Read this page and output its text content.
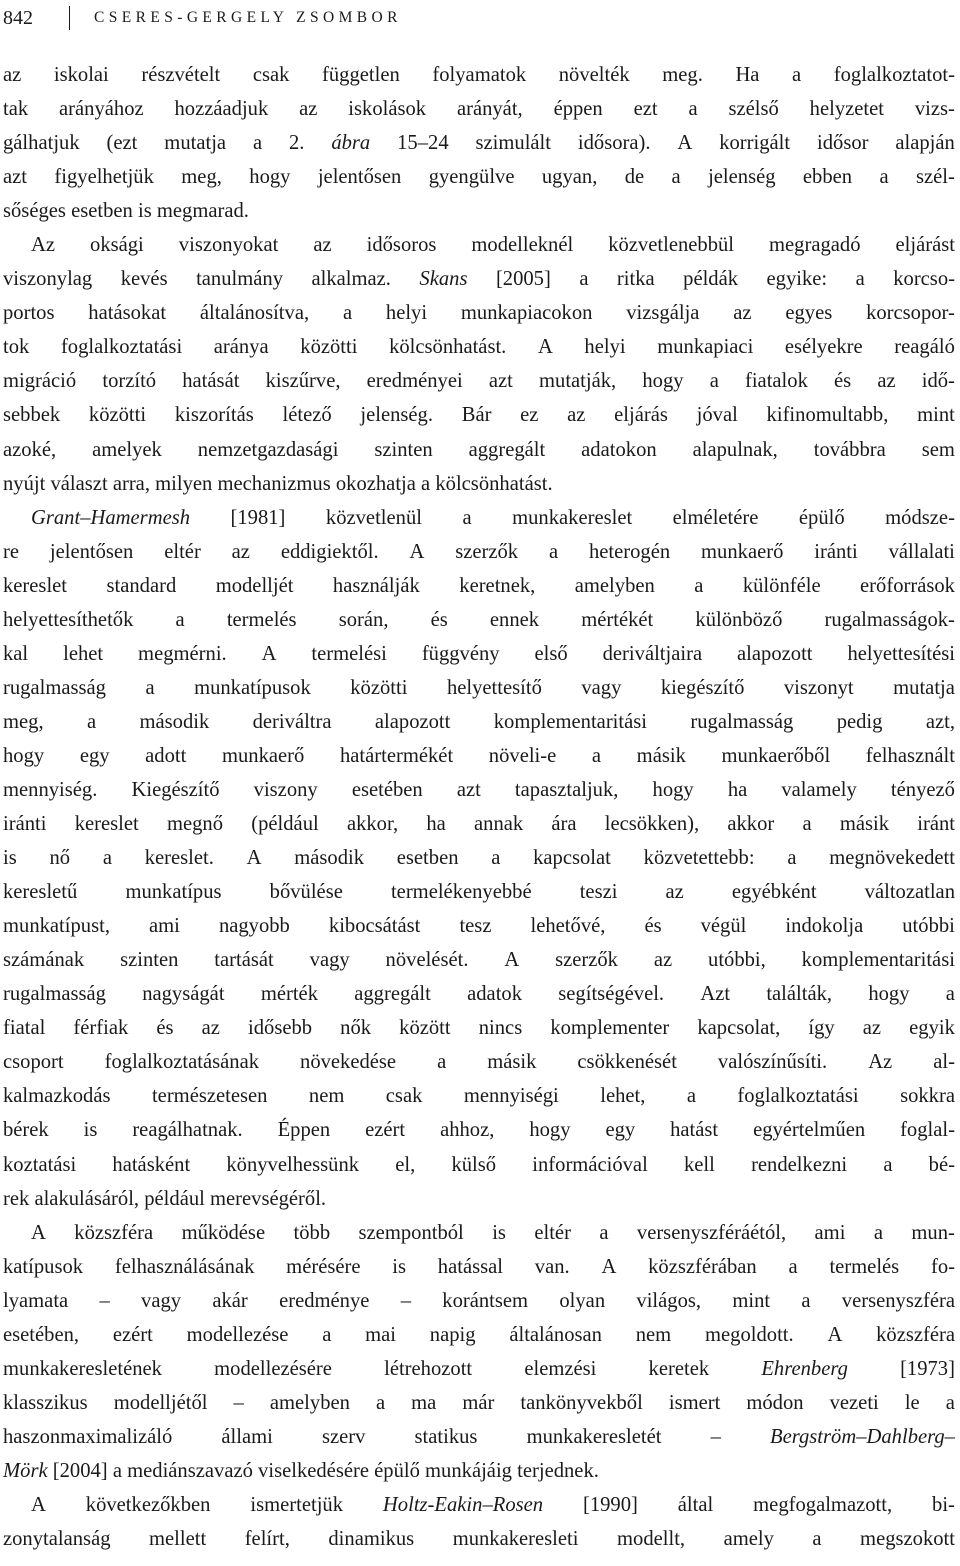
842	CSERES-GERGELY ZSOMBOR
az iskolai részvételt csak független folyamatok növelték meg. Ha a foglalkoztatot-
tak arányához hozzáadjuk az iskolások arányát, éppen ezt a szélső helyzetet vizs-
gálhatjuk (ezt mutatja a 2. ábra 15–24 szimulált idősora). A korrigált idősor alapján
azt figyelhetjük meg, hogy jelentősen gyengülve ugyan, de a jelenség ebben a szél-
sőséges esetben is megmarad.
Az oksági viszonyokat az idősoros modelleknél közvetlenebbül megragadó eljárást
viszonylag kevés tanulmány alkalmaz. Skans [2005] a ritka példák egyike: a korcso-
portos hatásokat általánosítva, a helyi munkapiacokon vizsgálja az egyes korcsopor-
tok foglalkoztatási aránya közötti kölcsönhatást. A helyi munkapiaci esélyekre reagáló
migráció torzító hatását kiszűrve, eredményei azt mutatják, hogy a fiatalok és az idő-
sebbek közötti kiszorítás létező jelenség. Bár ez az eljárás jóval kifinomultabb, mint
azoké, amelyek nemzetgazdasági szinten aggregált adatokon alapulnak, továbbra sem
nyújt választ arra, milyen mechanizmus okozhatja a kölcsönhatást.
Grant–Hamermesh [1981] közvetlenül a munkakereslet elméletére épülő módsze-
re jelentősen eltér az eddigiektől. A szerzők a heterogén munkaerő iránti vállalati
kereslet standard modelljét használják keretnek, amelyben a különféle erőforrások
helyettesíthetők a termelés során, és ennek mértékét különböző rugalmasságok-
kal lehet megmérni. A termelési függvény első deriváltjaira alapozott helyettesítési
rugalmasság a munkatípusok közötti helyettesítő vagy kiegészítő viszonyt mutatja
meg, a második deriváltra alapozott komplementaritási rugalmasság pedig azt,
hogy egy adott munkaerő határtermékét növeli-e a másik munkaerőből felhasznált
mennyiség. Kiegészítő viszony esetében azt tapasztaljuk, hogy ha valamely tényező
iránti kereslet megnő (például akkor, ha annak ára lecsökken), akkor a másik iránt
is nő a kereslet. A második esetben a kapcsolat közvetettebb: a megnövekedett
keresletű munkatípus bővülése termelékenyebbé teszi az egyébként változatlan
munkatípust, ami nagyobb kibocsátást tesz lehetővé, és végül indokolja utóbbi
számának szinten tartását vagy növelését. A szerzők az utóbbi, komplementaritási
rugalmasság nagyságát mérték aggregált adatok segítségével. Azt találták, hogy a
fiatal férfiak és az idősebb nők között nincs komplementer kapcsolat, így az egyik
csoport foglalkoztatásának növekedése a másik csökkenését valószínűsíti. Az al-
kalmazkodás természetesen nem csak mennyiségi lehet, a foglalkoztatási sokkra
bérek is reagálhatnak. Éppen ezért ahhoz, hogy egy hatást egyértelműen foglal-
koztatási hatásként könyvelhessünk el, külső információval kell rendelkezni a bé-
rek alakulásáról, például merevségéről.
A közszféra működése több szempontból is eltér a versenyszféráétól, ami a mun-
katípusok felhasználásának mérésére is hatással van. A közszférában a termelés fo-
lyamata – vagy akár eredménye – korántsem olyan világos, mint a versenyszféra
esetében, ezért modellezése a mai napig általánosan nem megoldott. A közszféra
munkakeresletének	modellezésére	létrehozott	elemzési	keretek	Ehrenberg	[1973]
klasszikus modelljétől – amelyben a ma már tankönyvekből ismert módon vezeti le a
haszonmaximalizáló állami szerv statikus munkakeresletét – Bergström–Dahlberg–
Mörk [2004] a mediánszavazó viselkedésére épülő munkájáig terjednek.
A következőkben ismertetjük Holtz-Eakin–Rosen [1990] által megfogalmazott, bi-
zonytalanság mellett felírt, dinamikus munkakeresleti modellt, amely a megszokott
